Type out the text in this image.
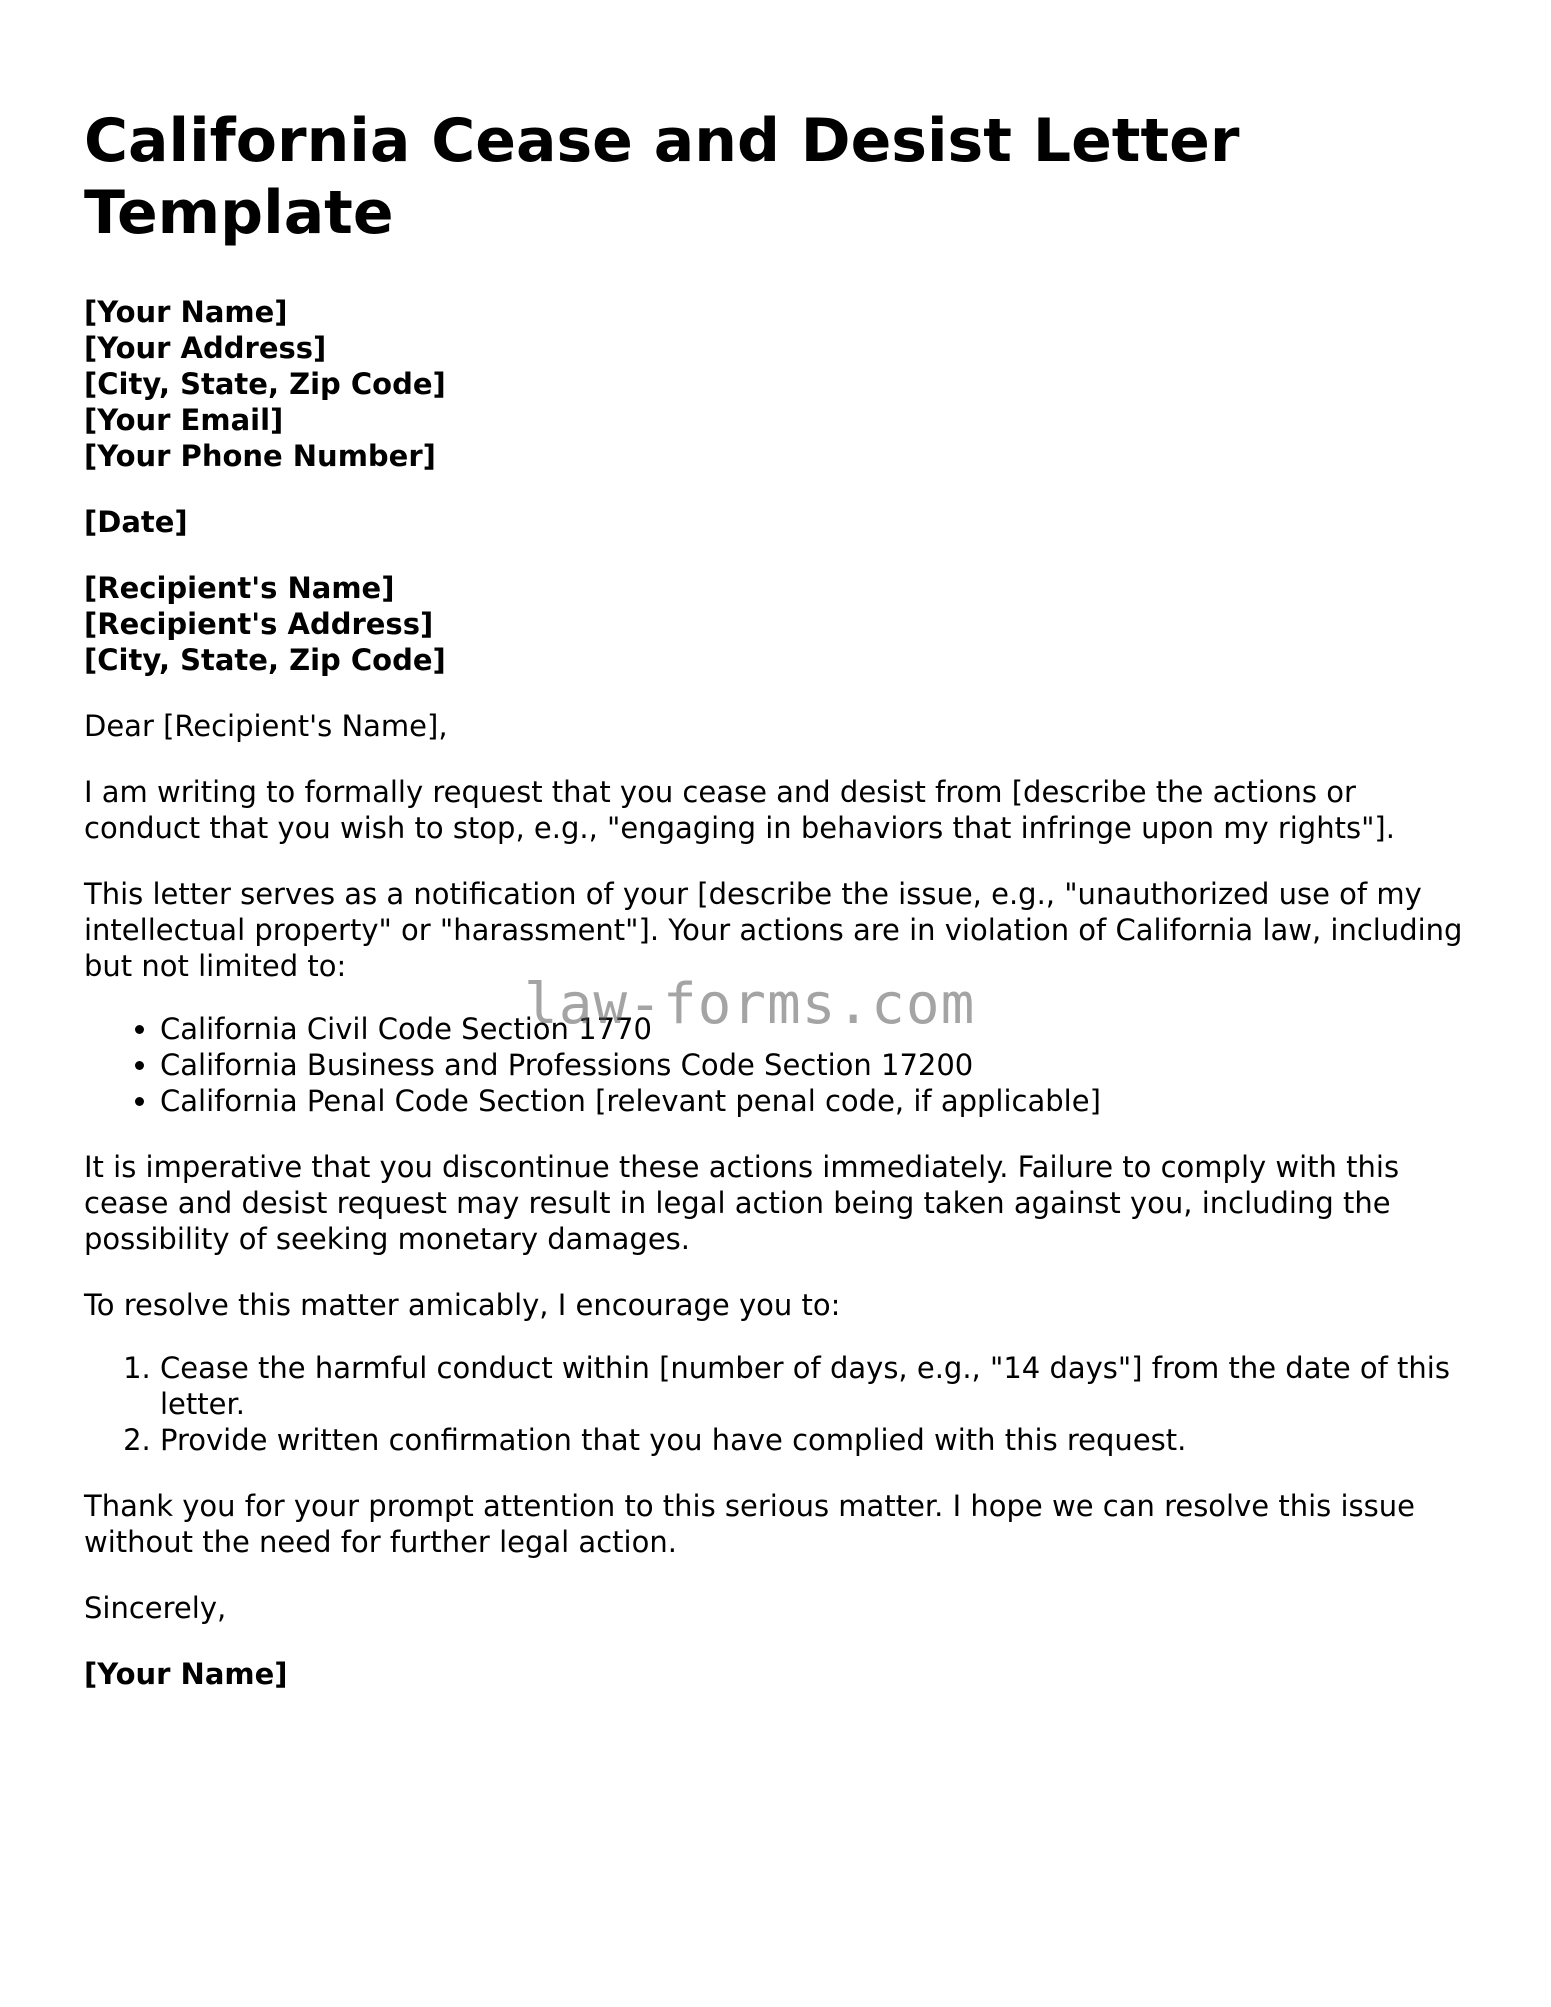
California Cease and Desist Letter Template
[Your Name]
[Your Address]
[City, State, Zip Code]
[Your Email]
[Your Phone Number]
[Date]
[Recipient's Name]
[Recipient's Address]
[City, State, Zip Code]

Dear [Recipient's Name],

I am writing to formally request that you cease and desist from [describe the actions or conduct that you wish to stop, e.g., "engaging in behaviors that infringe upon my rights"].

This letter serves as a notification of your [describe the issue, e.g., "unauthorized use of my intellectual property" or "harassment"]. Your actions are in violation of California law, including but not limited to:

• California Civil Code Section 1770
• California Business and Professions Code Section 17200
• California Penal Code Section [relevant penal code, if applicable]

It is imperative that you discontinue these actions immediately. Failure to comply with this cease and desist request may result in legal action being taken against you, including the possibility of seeking monetary damages.

To resolve this matter amicably, I encourage you to:

1. Cease the harmful conduct within [number of days, e.g., "14 days"] from the date of this letter.
2. Provide written confirmation that you have complied with this request.

Thank you for your prompt attention to this serious matter. I hope we can resolve this issue without the need for further legal action.

Sincerely,

[Your Name]

law-forms.com
